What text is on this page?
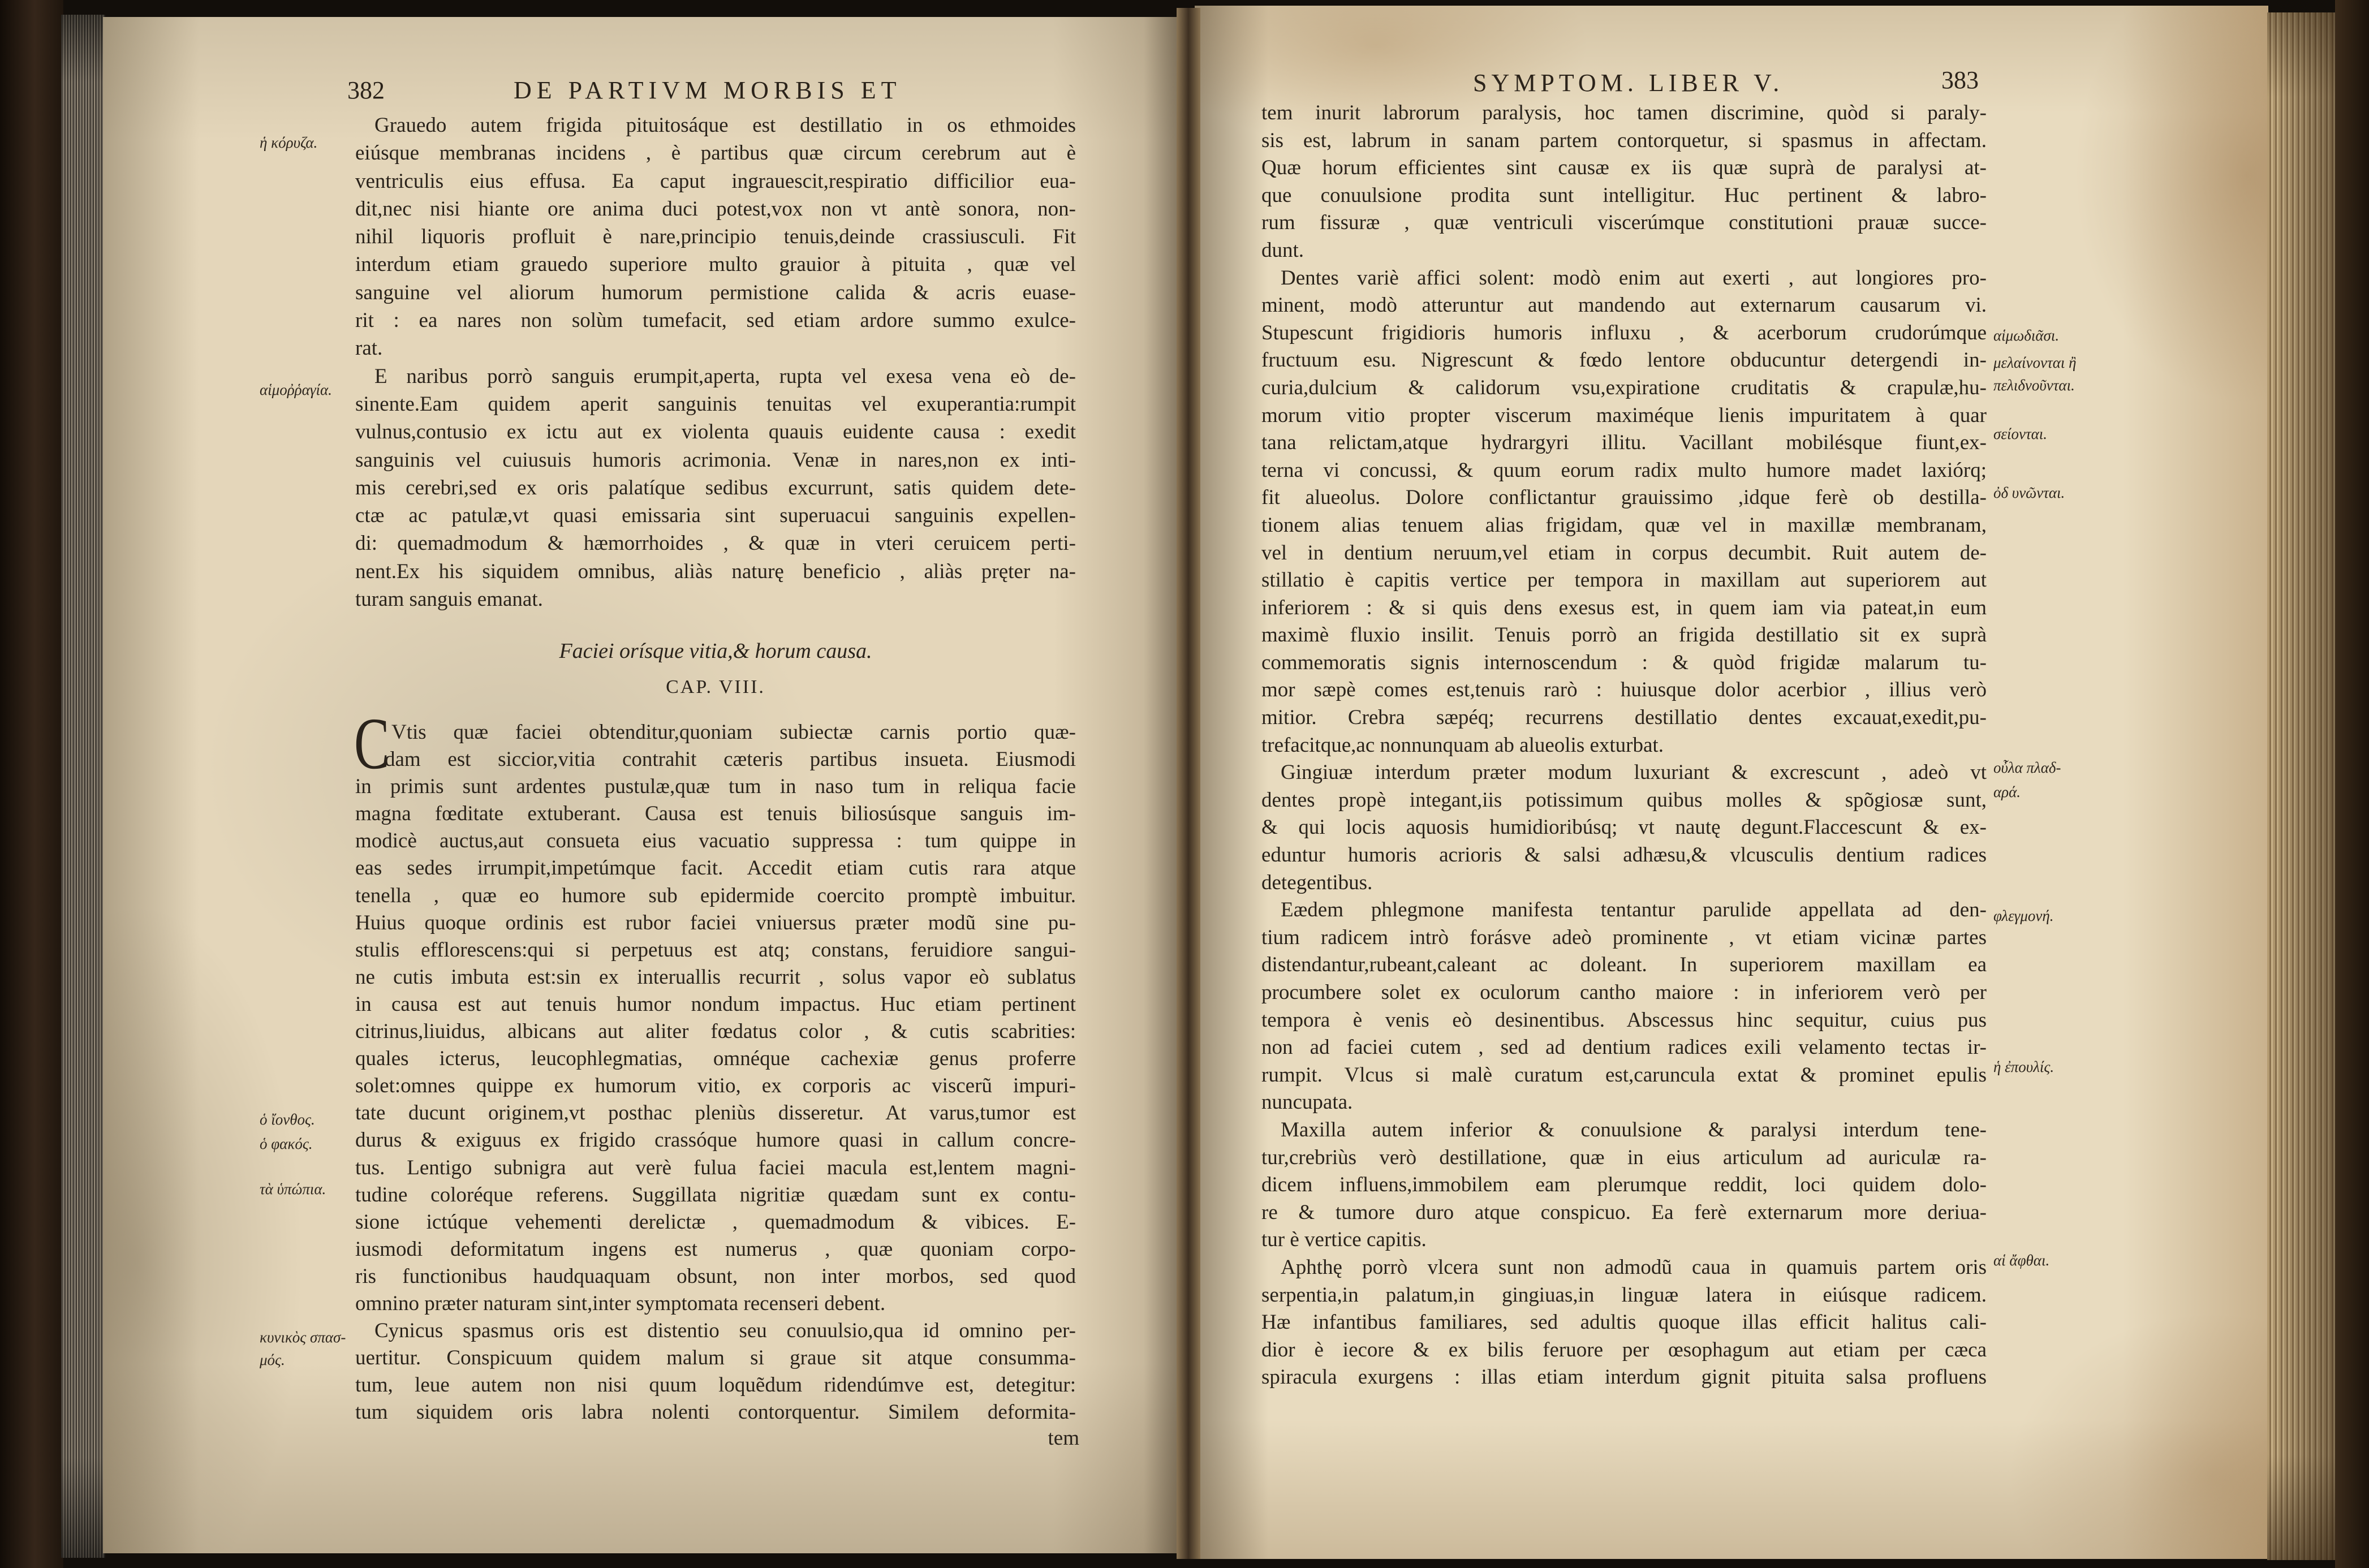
382	DE PARTIVM MORBIS ET	SYMPTOM. LIBER V.	383
Grauedo autem frigida pituitosáque est destillatio in os ethmoides
eiúsque membranas incidens , è partibus quæ circum cerebrum aut è
ventriculis eius effusa. Ea caput ingrauescit,respiratio difficilior eua-
dit,nec nisi hiante ore anima duci potest,vox non vt antè sonora, non-
nihil liquoris profluit è nare,principio tenuis,deinde crassiusculi. Fit
interdum etiam grauedo superiore multo grauior à pituita , quæ vel
sanguine vel aliorum humorum permistione calida & acris euase-
rit : ea nares non solùm tumefacit, sed etiam ardore summo exulce-
rat.
E naribus porrò sanguis erumpit,aperta, rupta vel exesa vena eò de-
sinente.Eam quidem aperit sanguinis tenuitas vel exuperantia:rumpit
vulnus,contusio ex ictu aut ex violenta quauis euidente causa : exedit
sanguinis vel cuiusuis humoris acrimonia. Venæ in nares,non ex inti-
mis cerebri,sed ex oris palatíque sedibus excurrunt, satis quidem dete-
ctæ ac patulæ,vt quasi emissaria sint superuacui sanguinis expellen-
di: quemadmodum & hæmorrhoides , & quæ in vteri ceruicem perti-
nent.Ex his siquidem omnibus, aliàs naturę beneficio , aliàs pręter na-
turam sanguis emanat.
Faciei orísque vitia,& horum causa.
CAP. VIII.
C Vtis quæ faciei obtenditur,quoniam subiectæ carnis portio quæ-
dam est siccior,vitia contrahit cæteris partibus insueta. Eiusmodi
in primis sunt ardentes pustulæ,quæ tum in naso tum in reliqua facie
magna fœditate extuberant. Causa est tenuis biliosúsque sanguis im-
modicè auctus,aut consueta eius vacuatio suppressa : tum quippe in
eas sedes irrumpit,impetúmque facit. Accedit etiam cutis rara atque
tenella , quæ eo humore sub epidermide coercito promptè imbuitur.
Huius quoque ordinis est rubor faciei vniuersus præter modũ sine pu-
stulis efflorescens:qui si perpetuus est atq; constans, feruidiore sangui-
ne cutis imbuta est:sin ex interuallis recurrit , solus vapor eò sublatus
in causa est aut tenuis humor nondum impactus. Huc etiam pertinent
citrinus,liuidus, albicans aut aliter fœdatus color , & cutis scabrities:
quales icterus, leucophlegmatias, omnéque cachexiæ genus proferre
solet:omnes quippe ex humorum vitio, ex corporis ac viscerũ impuri-
tate ducunt originem,vt posthac pleniùs disseretur. At varus,tumor est
durus & exiguus ex frigido crassóque humore quasi in callum concre-
tus. Lentigo subnigra aut verè fulua faciei macula est,lentem magni-
tudine coloréque referens. Suggillata nigritiæ quædam sunt ex contu-
sione ictúque vehementi derelictæ , quemadmodum & vibices. E-
iusmodi deformitatum ingens est numerus , quæ quoniam corpo-
ris functionibus haudquaquam obsunt, non inter morbos, sed quod
omnino præter naturam sint,inter symptomata recenseri debent.
Cynicus spasmus oris est distentio seu conuulsio,qua id omnino per-
uertitur. Conspicuum quidem malum si graue sit atque consumma-
tum, leue autem non nisi quum loquẽdum ridendúmve est, detegitur:
tum siquidem oris labra nolenti contorquentur. Similem deformita-
tem
tem inurit labrorum paralysis, hoc tamen discrimine, quòd si paraly-
sis est, labrum in sanam partem contorquetur, si spasmus in affectam.
Quæ horum efficientes sint causæ ex iis quæ suprà de paralysi at-
que conuulsione prodita sunt intelligitur. Huc pertinent & labro-
rum fissuræ , quæ ventriculi viscerúmque constitutioni prauæ succe-
dunt.
Dentes variè affici solent: modò enim aut exerti , aut longiores pro-
minent, modò atteruntur aut mandendo aut externarum causarum vi.
Stupescunt frigidioris humoris influxu , & acerborum crudorúmque
fructuum esu. Nigrescunt & fœdo lentore obducuntur detergendi in-
curia,dulcium & calidorum vsu,expiratione cruditatis & crapulæ,hu-
morum vitio propter viscerum maximéque lienis impuritatem à quar
tana relictam,atque hydrargyri illitu. Vacillant mobilésque fiunt,ex-
terna vi concussi, & quum eorum radix multo humore madet laxiórq;
fit alueolus. Dolore conflictantur grauissimo ,idque ferè ob destilla-
tionem alias tenuem alias frigidam, quæ vel in maxillæ membranam,
vel in dentium neruum,vel etiam in corpus decumbit. Ruit autem de-
stillatio è capitis vertice per tempora in maxillam aut superiorem aut
inferiorem : & si quis dens exesus est, in quem iam via pateat,in eum
maximè fluxio insilit. Tenuis porrò an frigida destillatio sit ex suprà
commemoratis signis internoscendum : & quòd frigidæ malarum tu-
mor sæpè comes est,tenuis rarò : huiusque dolor acerbior , illius verò
mitior. Crebra sæpéq; recurrens destillatio dentes excauat,exedit,pu-
trefacitque,ac nonnunquam ab alueolis exturbat.
Gingiuæ interdum præter modum luxuriant & excrescunt , adeò vt
dentes propè integant,iis potissimum quibus molles & spõgiosæ sunt,
& qui locis aquosis humidioribúsq; vt nautę degunt.Flaccescunt & ex-
eduntur humoris acrioris & salsi adhæsu,& vlcusculis dentium radices
detegentibus.
Eædem phlegmone manifesta tentantur parulide appellata ad den-
tium radicem intrò forásve adeò prominente , vt etiam vicinæ partes
distendantur,rubeant,caleant ac doleant. In superiorem maxillam ea
procumbere solet ex oculorum cantho maiore : in inferiorem verò per
tempora è venis eò desinentibus. Abscessus hinc sequitur, cuius pus
non ad faciei cutem , sed ad dentium radices exili velamento tectas ir-
rumpit. Vlcus si malè curatum est,caruncula extat & prominet epulis
nuncupata.
Maxilla autem inferior & conuulsione & paralysi interdum tene-
tur,crebriùs verò destillatione, quæ in eius articulum ad auriculæ ra-
dicem influens,immobilem eam plerumque reddit, loci quidem dolo-
re & tumore duro atque conspicuo. Ea ferè externarum more deriua-
tur è vertice capitis.
Aphthę porrò vlcera sunt non admodũ caua in quamuis partem oris
serpentia,in palatum,in gingiuas,in linguæ latera in eiúsque radicem.
Hæ infantibus familiares, sed adultis quoque illas efficit halitus cali-
dior è iecore & ex bilis feruore per œsophagum aut etiam per cæca
spiracula exurgens : illas etiam interdum gignit pituita salsa profluens
ἡ κόρυζα.
αἱμοῤῥαγία.
ὁ ἴονθος.
ὁ φακός.
τὰ ὑπώπια.
κυνικὸς σπασ-
μός.
αἱμωδιᾶσι.
μελαίνονται ἢ
πελιδνοῦνται.
σείονται.
ὀδ υνῶνται.
οὖλα πλαδ-
αρά.
φλεγμονή.
ἡ ἐπουλίς.
αἱ ἄφθαι.
